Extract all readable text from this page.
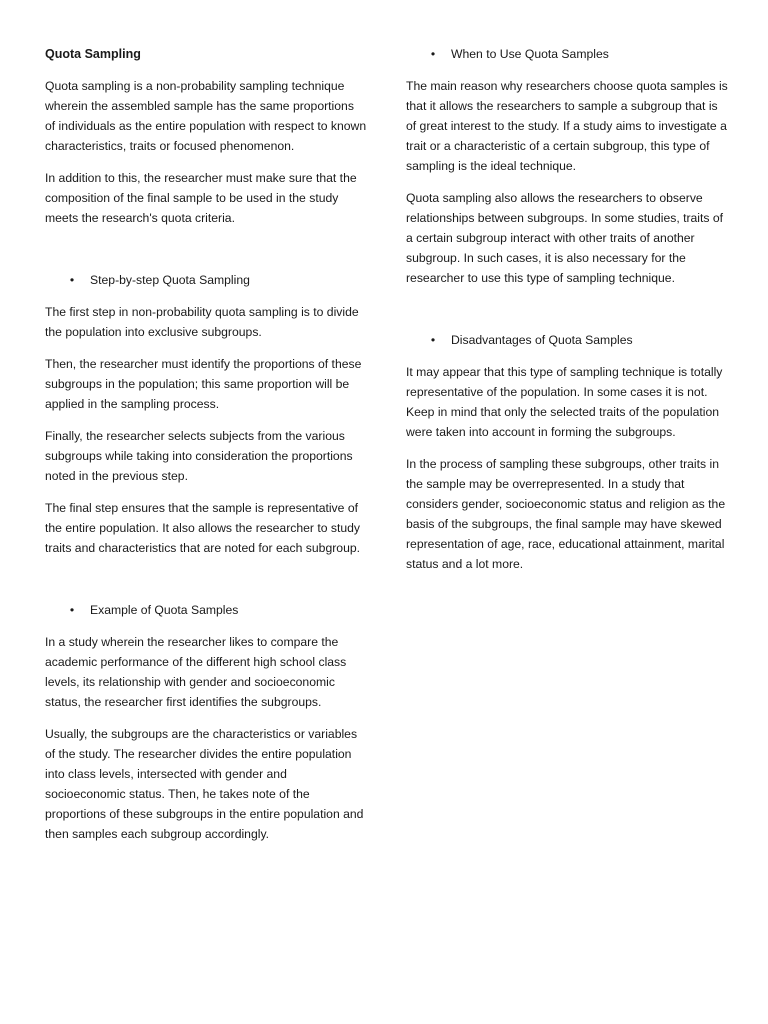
Quota Sampling

Quota sampling is a non-probability sampling technique wherein the assembled sample has the same proportions of individuals as the entire population with respect to known characteristics, traits or focused phenomenon.

In addition to this, the researcher must make sure that the composition of the final sample to be used in the study meets the research's quota criteria.

• Step-by-step Quota Sampling

The first step in non-probability quota sampling is to divide the population into exclusive subgroups.

Then, the researcher must identify the proportions of these subgroups in the population; this same proportion will be applied in the sampling process.

Finally, the researcher selects subjects from the various subgroups while taking into consideration the proportions noted in the previous step.

The final step ensures that the sample is representative of the entire population. It also allows the researcher to study traits and characteristics that are noted for each subgroup.

• Example of Quota Samples

In a study wherein the researcher likes to compare the academic performance of the different high school class levels, its relationship with gender and socioeconomic status, the researcher first identifies the subgroups.

Usually, the subgroups are the characteristics or variables of the study. The researcher divides the entire population into class levels, intersected with gender and socioeconomic status. Then, he takes note of the proportions of these subgroups in the entire population and then samples each subgroup accordingly.

• When to Use Quota Samples

The main reason why researchers choose quota samples is that it allows the researchers to sample a subgroup that is of great interest to the study. If a study aims to investigate a trait or a characteristic of a certain subgroup, this type of sampling is the ideal technique.

Quota sampling also allows the researchers to observe relationships between subgroups. In some studies, traits of a certain subgroup interact with other traits of another subgroup. In such cases, it is also necessary for the researcher to use this type of sampling technique.

• Disadvantages of Quota Samples

It may appear that this type of sampling technique is totally representative of the population. In some cases it is not. Keep in mind that only the selected traits of the population were taken into account in forming the subgroups.

In the process of sampling these subgroups, other traits in the sample may be overrepresented. In a study that considers gender, socioeconomic status and religion as the basis of the subgroups, the final sample may have skewed representation of age, race, educational attainment, marital status and a lot more.
